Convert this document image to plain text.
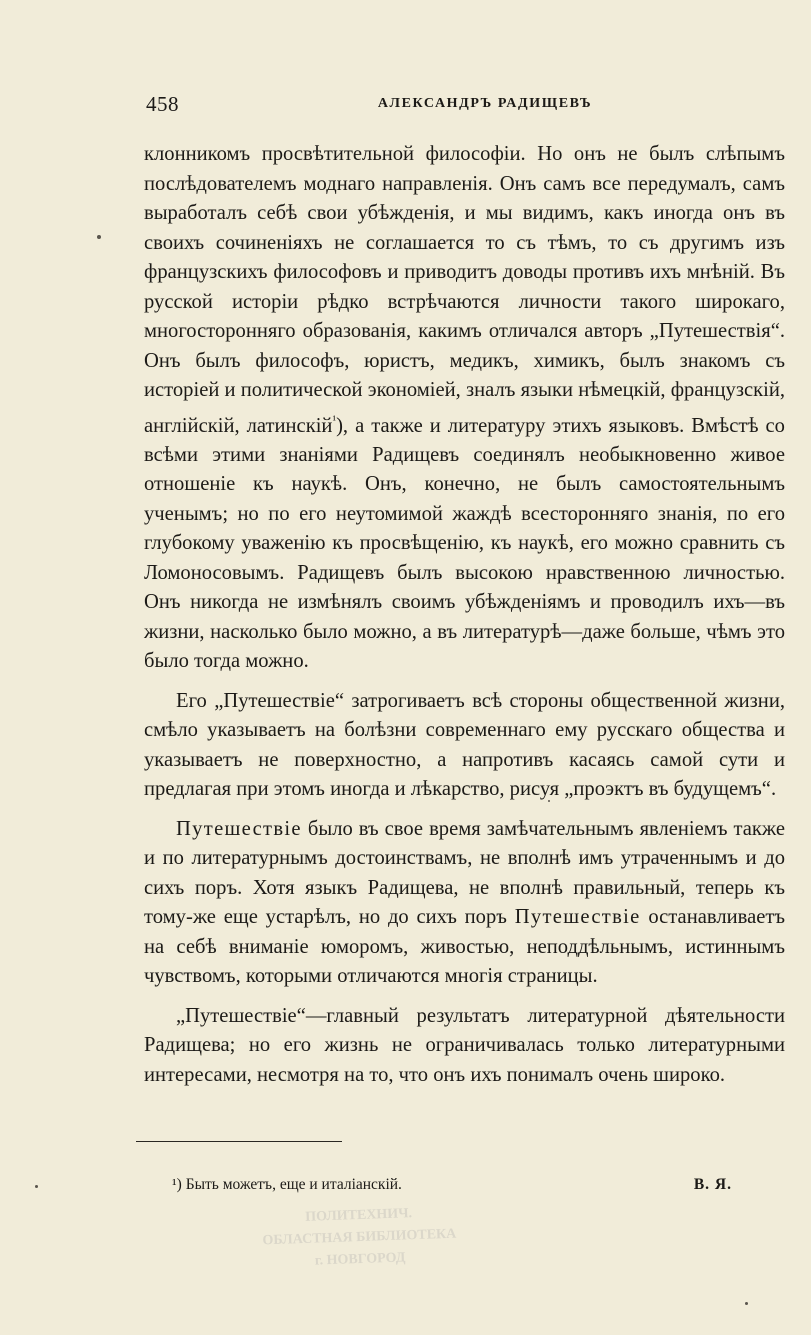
458	АЛЕКСАНДРЪ РАДИЩЕВЪ

клонникомъ просвѣтительной философіи. Но онъ не былъ слѣпымъ послѣдователемъ моднаго направленія. Онъ самъ все передумалъ, самъ выработалъ себѣ свои убѣжденія, и мы видимъ, какъ иногда онъ въ своихъ сочиненіяхъ не соглашается то съ тѣмъ, то съ другимъ изъ французскихъ философовъ и приводитъ доводы противъ ихъ мнѣній. Въ русской исторіи рѣдко встрѣчаются личности такого широкаго, многосторонняго образованія, какимъ отличался авторъ „Путешествія“. Онъ былъ философъ, юристъ, медикъ, химикъ, былъ знакомъ съ исторіей и политической экономіей, зналъ языки нѣмецкій, французскій, англійскій, латинскій$^{^1}$), а также и литературу этихъ языковъ. Вмѣстѣ со всѣми этими знаніями Радищевъ соединялъ необыкновенно живое отношеніе къ наукѣ. Онъ, конечно, не былъ самостоятельнымъ ученымъ; но по его неутомимой жаждѣ всесторонняго знанія, по его глубокому уваженію къ просвѣщенію, къ наукѣ, его можно сравнить съ Ломоносовымъ. Радищевъ былъ высокою нравственною личностью. Онъ никогда не измѣнялъ своимъ убѣжденіямъ и проводилъ ихъ—въ жизни, насколько было можно, а въ литературѣ—даже больше, чѣмъ это было тогда можно.

Его „Путешествіе“ затрогиваетъ всѣ стороны общественной жизни, смѣло указываетъ на болѣзни современнаго ему русскаго общества и указываетъ не поверхностно, а напротивъ касаясь самой сути и предлагая при этомъ иногда и лѣкарство, рисуя „проэктъ въ будущемъ“.

Путешествіе было въ свое время замѣчательнымъ явленіемъ также и по литературнымъ достоинствамъ, не вполнѣ имъ утраченнымъ и до сихъ поръ. Хотя языкъ Радищева, не вполнѣ правильный, теперь къ тому-же еще устарѣлъ, но до сихъ поръ Путешествіе останавливаетъ на себѣ вниманіе юморомъ, живостью, неподдѣльнымъ, истиннымъ чувствомъ, которыми отличаются многія страницы.

„Путешествіе“—главный результатъ литературной дѣятельности Радищева; но его жизнь не ограничивалась только литературными интересами, несмотря на то, что онъ ихъ понималъ очень широко.

¹) Быть можетъ, еще и италіанскій.	В. Я.
ПОЛИТЕХНИЧ.
ОБЛАСТНАЯ БИБЛИОТЕКА
г. НОВГОРОД
